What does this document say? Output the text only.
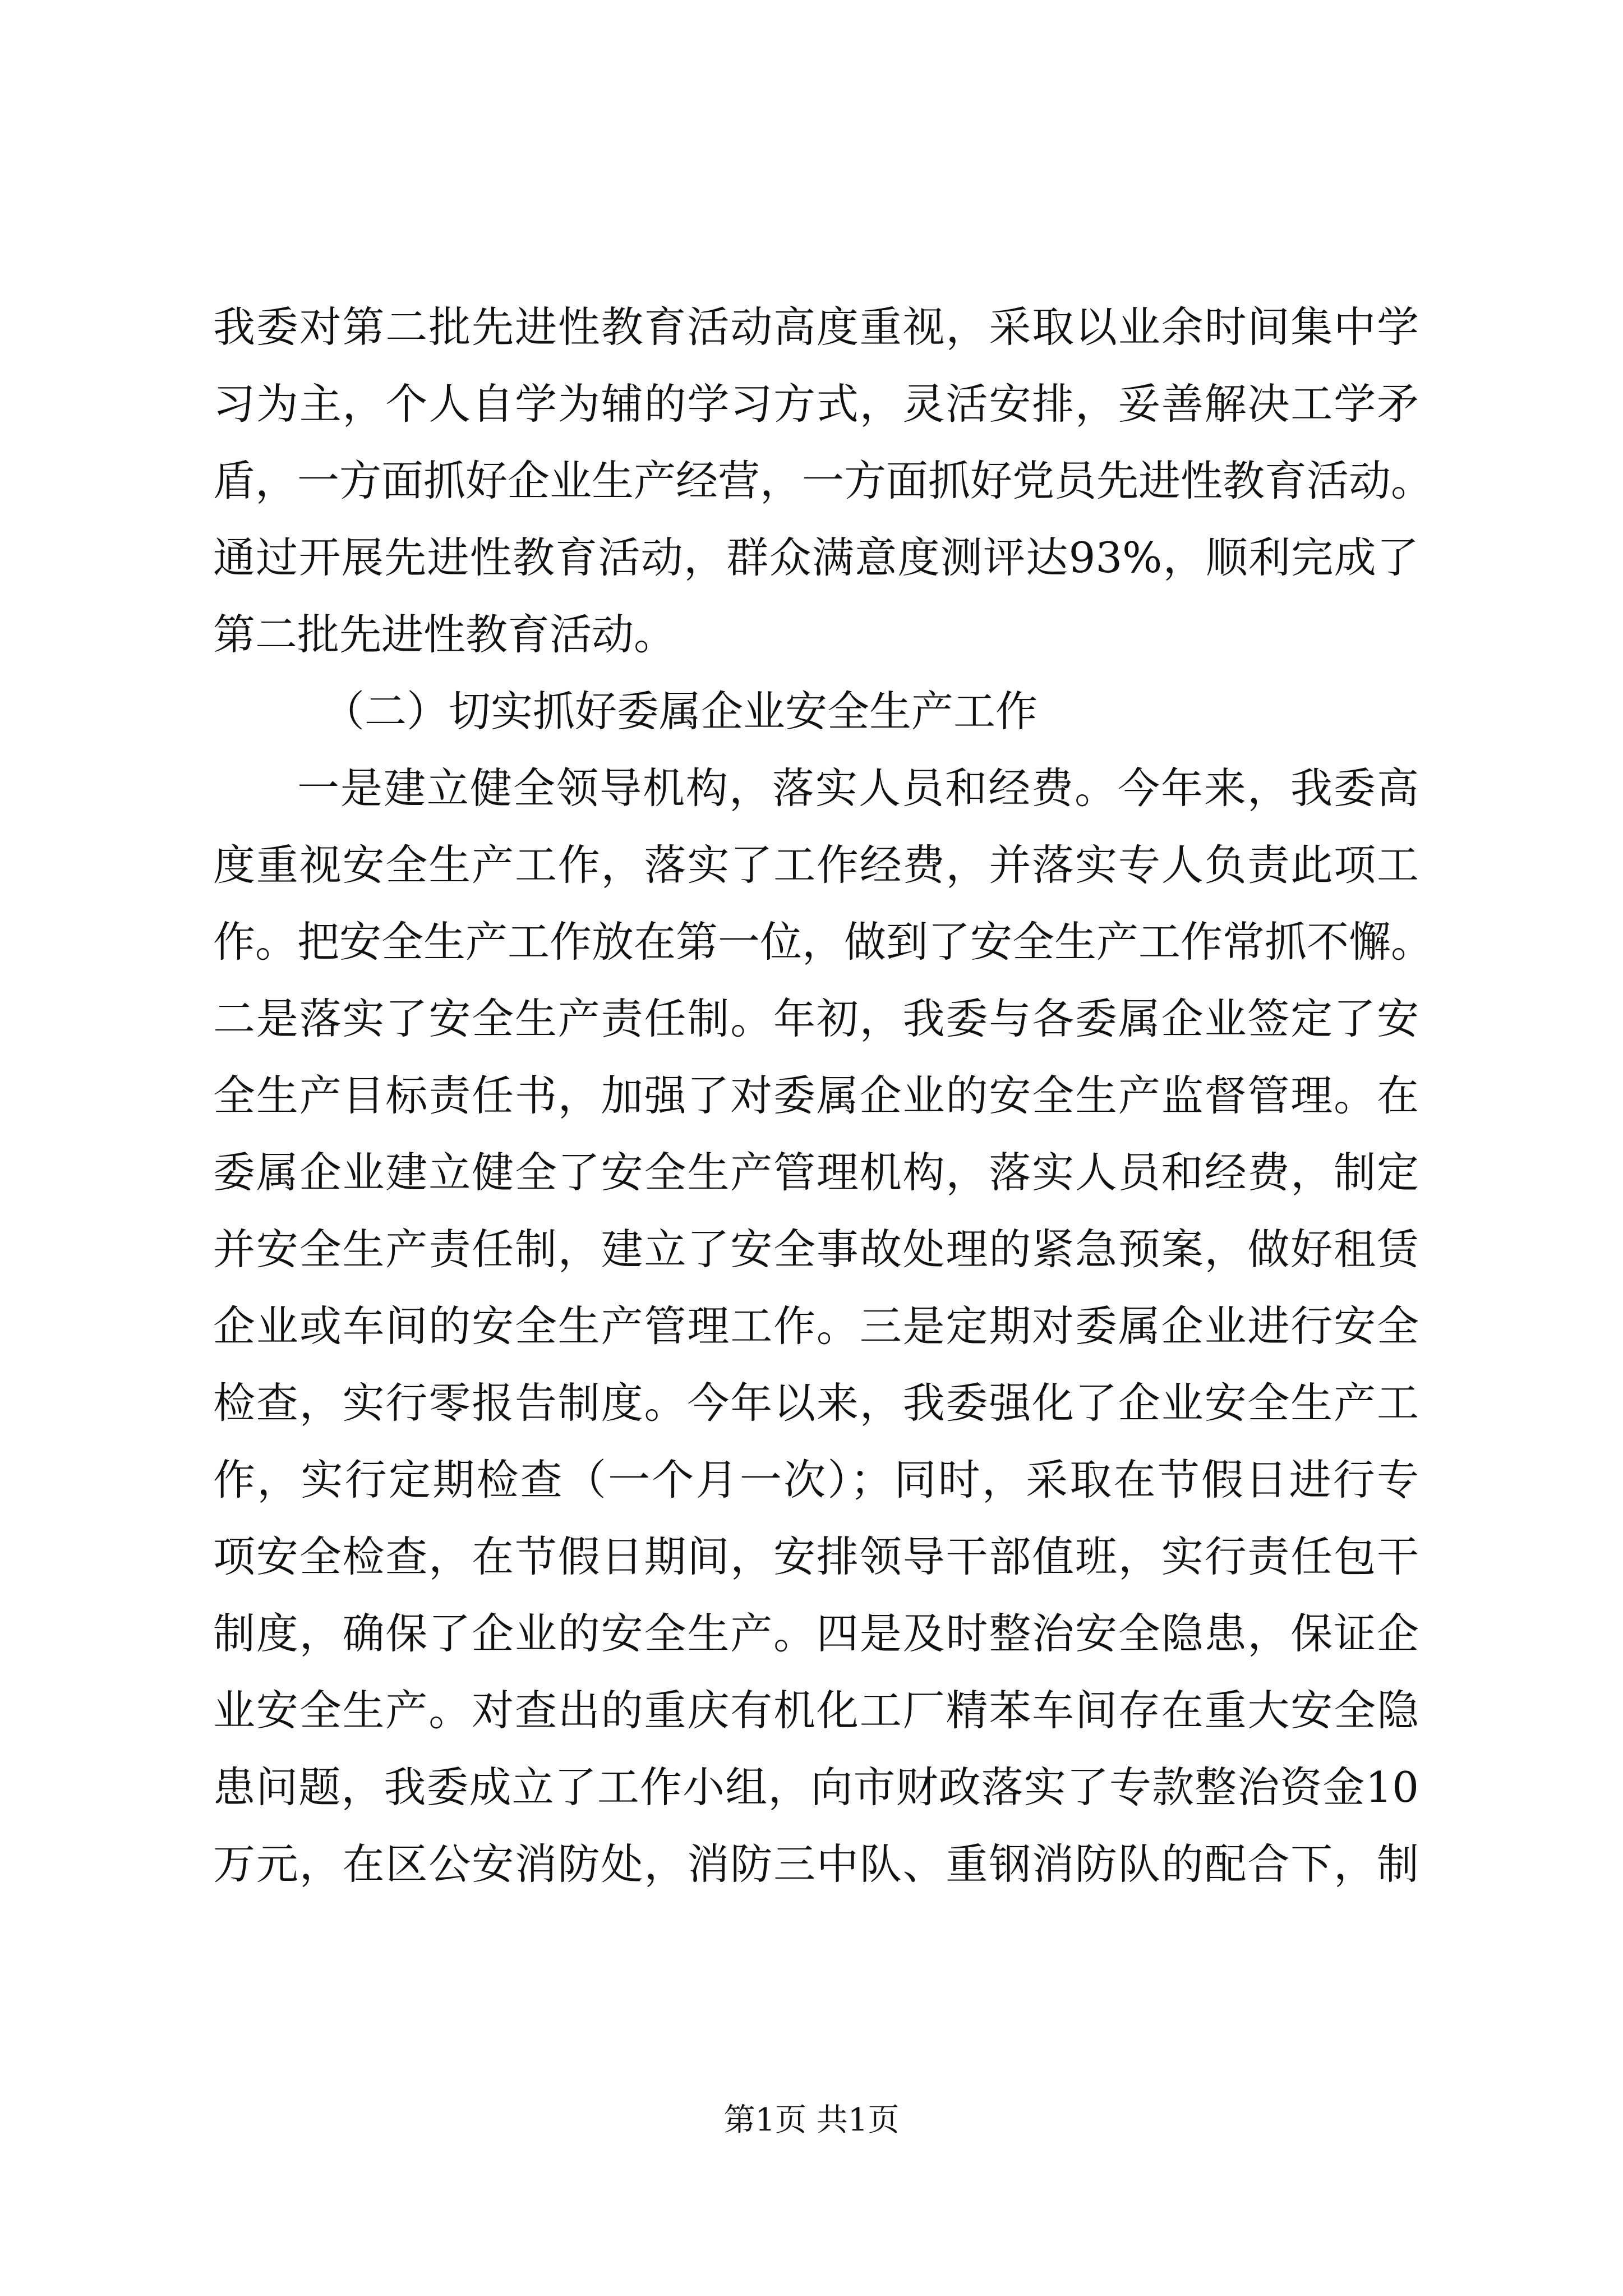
我委对第二批先进性教育活动高度重视，采取以业余时间集中学
习为主，个人自学为辅的学习方式，灵活安排，妥善解决工学矛
盾，一方面抓好企业生产经营，一方面抓好党员先进性教育活动。
通过开展先进性教育活动，群众满意度测评达93%，顺利完成了
第二批先进性教育活动。
（二）切实抓好委属企业安全生产工作
一是建立健全领导机构，落实人员和经费。今年来，我委高
度重视安全生产工作，落实了工作经费，并落实专人负责此项工
作。把安全生产工作放在第一位，做到了安全生产工作常抓不懈。
二是落实了安全生产责任制。年初，我委与各委属企业签定了安
全生产目标责任书，加强了对委属企业的安全生产监督管理。在
委属企业建立健全了安全生产管理机构，落实人员和经费，制定
并安全生产责任制，建立了安全事故处理的紧急预案，做好租赁
企业或车间的安全生产管理工作。三是定期对委属企业进行安全
检查，实行零报告制度。今年以来，我委强化了企业安全生产工
作，实行定期检查（一个月一次）；同时，采取在节假日进行专
项安全检查，在节假日期间，安排领导干部值班，实行责任包干
制度，确保了企业的安全生产。四是及时整治安全隐患，保证企
业安全生产。对查出的重庆有机化工厂精苯车间存在重大安全隐
患问题，我委成立了工作小组，向市财政落实了专款整治资金10
万元，在区公安消防处，消防三中队、重钢消防队的配合下，制
第1页 共1页
